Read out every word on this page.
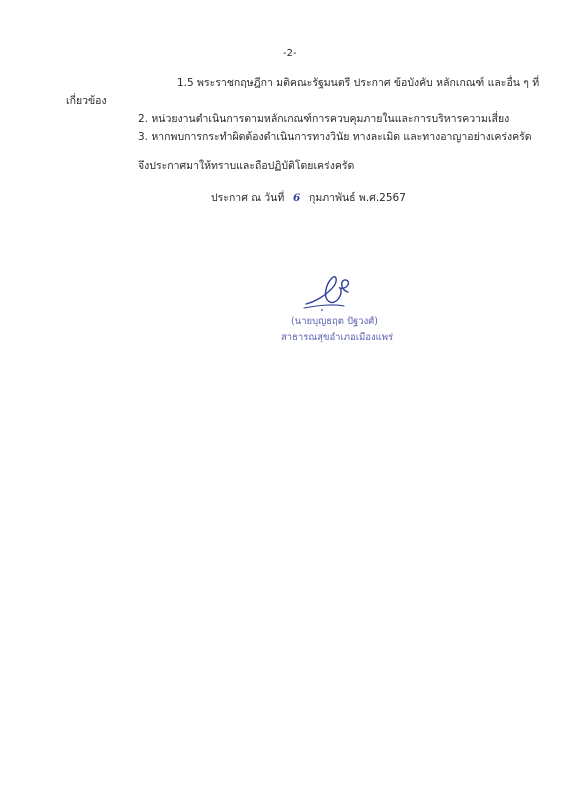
-2-
1.5 พระราชกฤษฎีกา มติคณะรัฐมนตรี ประกาศ ข้อบังคับ หลักเกณฑ์ และอื่น ๆ ที่
เกี่ยวข้อง
2. หน่วยงานดำเนินการตามหลักเกณฑ์การควบคุมภายในและการบริหารความเสี่ยง
3. หากพบการกระทำผิดต้องดำเนินการทางวินัย ทางละเมิด และทางอาญาอย่างเคร่งครัด
จึงประกาศมาให้ทราบและถือปฏิบัติโดยเคร่งครัด
ประกาศ ณ วันที่ 6 กุมภาพันธ์ พ.ศ.2567
(นายบุญธฤต ปัฐวงศ์)
สาธารณสุขอำเภอเมืองแพร่
